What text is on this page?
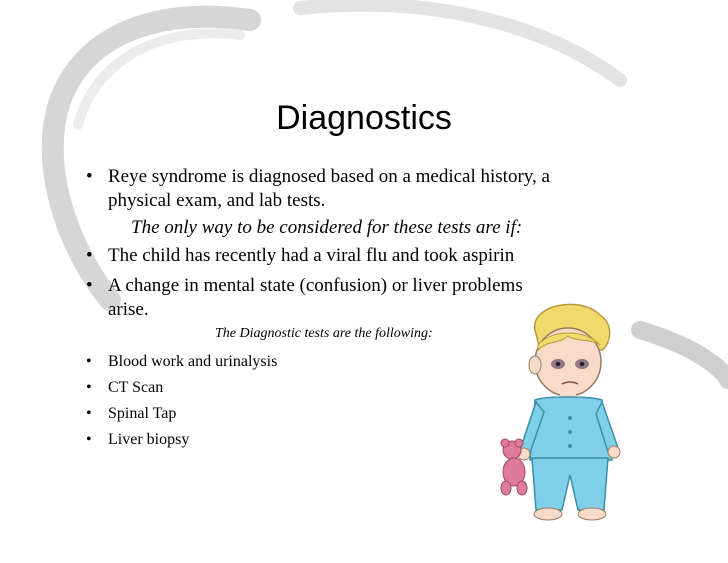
Diagnostics
• Reye syndrome is diagnosed based on a medical history, a
physical exam, and lab tests.
The only way to be considered for these tests are if:
• The child has recently had a viral flu and took aspirin
• A change in mental state (confusion) or liver problems
arise.
The Diagnostic tests are the following:
• Blood work and urinalysis
• CT Scan
• Spinal Tap
• Liver biopsy
